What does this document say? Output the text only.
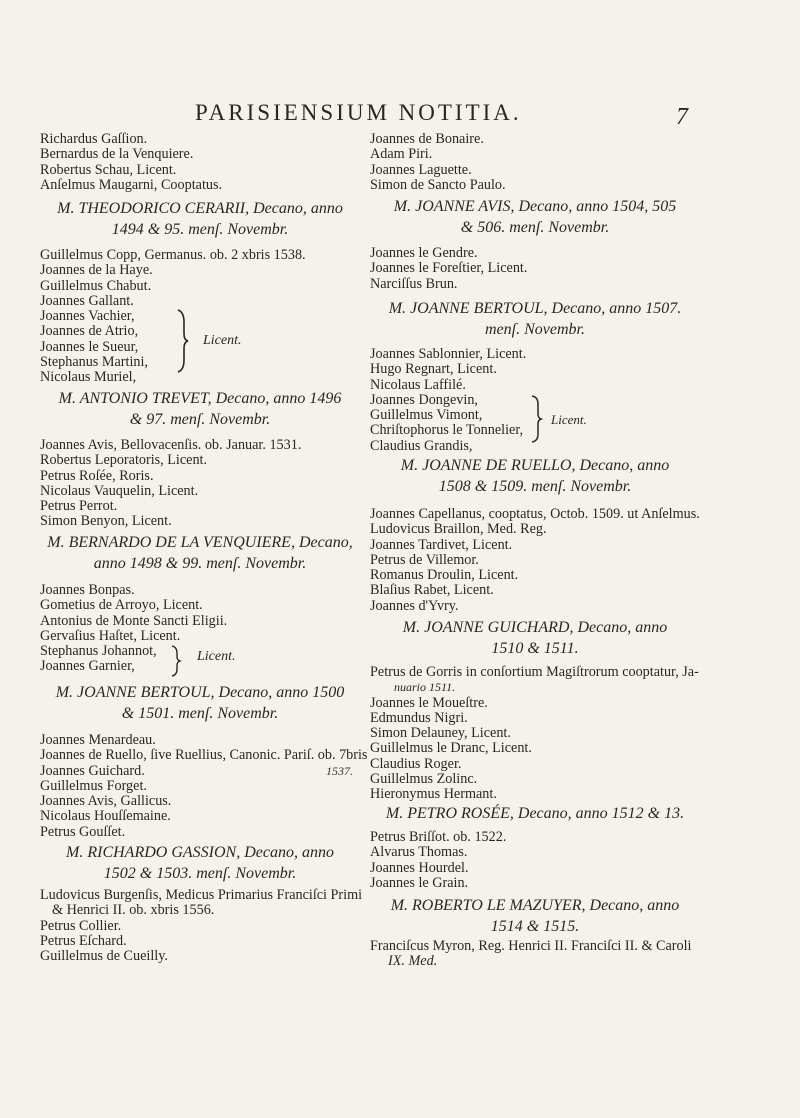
PARISIENSIUM NOTITIA.	7
Richardus Gaſſion.
Bernardus de la Venquiere.
Robertus Schau, Licent.
Anſelmus Maugarni, Cooptatus.
M. THEODORICO CERARII, Decano, anno
1494 & 95. menſ. Novembr.
Guillelmus Copp, Germanus. ob. 2 xbris 1538.
Joannes de la Haye.
Guillelmus Chabut.
Joannes Gallant.
Joannes Vachier,
Joannes de Atrio,
Joannes le Sueur,
Stephanus Martini,
Nicolaus Muriel,
Licent.
M. ANTONIO TREVET, Decano, anno 1496
& 97. menſ. Novembr.
Joannes Avis, Bellovacenſis. ob. Januar. 1531.
Robertus Leporatoris, Licent.
Petrus Roſée, Roris.
Nicolaus Vauquelin, Licent.
Petrus Perrot.
Simon Benyon, Licent.
M. BERNARDO DE LA VENQUIERE, Decano,
anno 1498 & 99. menſ. Novembr.
Joannes Bonpas.
Gometius de Arroyo, Licent.
Antonius de Monte Sancti Eligii.
Gervaſius Haſtet, Licent.
Stephanus Johannot,
Joannes Garnier,
Licent.
M. JOANNE BERTOUL, Decano, anno 1500
& 1501. menſ. Novembr.
Joannes Menardeau.
Joannes de Ruello, ſive Ruellius, Canonic. Pariſ. ob. 7bris
Joannes Guichard.
Guillelmus Forget.
Joannes Avis, Gallicus.
Nicolaus Houſſemaine.
Petrus Gouſſet.
1537.
M. RICHARDO GASSION, Decano, anno
1502 & 1503. menſ. Novembr.
Ludovicus Burgenſis, Medicus Primarius Franciſci Primi
& Henrici II. ob. xbris 1556.
Petrus Collier.
Petrus Eſchard.
Guillelmus de Cueilly.
Joannes de Bonaire.
Adam Piri.
Joannes Laguette.
Simon de Sancto Paulo.
M. JOANNE AVIS, Decano, anno 1504, 505
& 506. menſ. Novembr.
Joannes le Gendre.
Joannes le Foreſtier, Licent.
Narciſſus Brun.
M. JOANNE BERTOUL, Decano, anno 1507.
menſ. Novembr.
Joannes Sablonnier, Licent.
Hugo Regnart, Licent.
Nicolaus Laffilé.
Joannes Dongevin,
Guillelmus Vimont,
Chriſtophorus le Tonnelier,
Claudius Grandis,
Licent.
M. JOANNE DE RUELLO, Decano, anno
1508 & 1509. menſ. Novembr.
Joannes Capellanus, cooptatus, Octob. 1509. ut Anſelmus.
Ludovicus Braillon, Med. Reg.
Joannes Tardivet, Licent.
Petrus de Villemor.
Romanus Droulin, Licent.
Blaſius Rabet, Licent.
Joannes d'Yvry.
M. JOANNE GUICHARD, Decano, anno
1510 & 1511.
Petrus de Gorris in conſortium Magiſtrorum cooptatur, Ja-
nuario 1511.
Joannes le Moueſtre.
Edmundus Nigri.
Simon Delauney, Licent.
Guillelmus le Dranc, Licent.
Claudius Roger.
Guillelmus Zolinc.
Hieronymus Hermant.
M. PETRO ROSÉE, Decano, anno 1512 & 13.
Petrus Briſſot. ob. 1522.
Alvarus Thomas.
Joannes Hourdel.
Joannes le Grain.
M. ROBERTO LE MAZUYER, Decano, anno
1514 & 1515.
Franciſcus Myron, Reg. Henrici II. Franciſci II. & Caroli
IX. Med.
